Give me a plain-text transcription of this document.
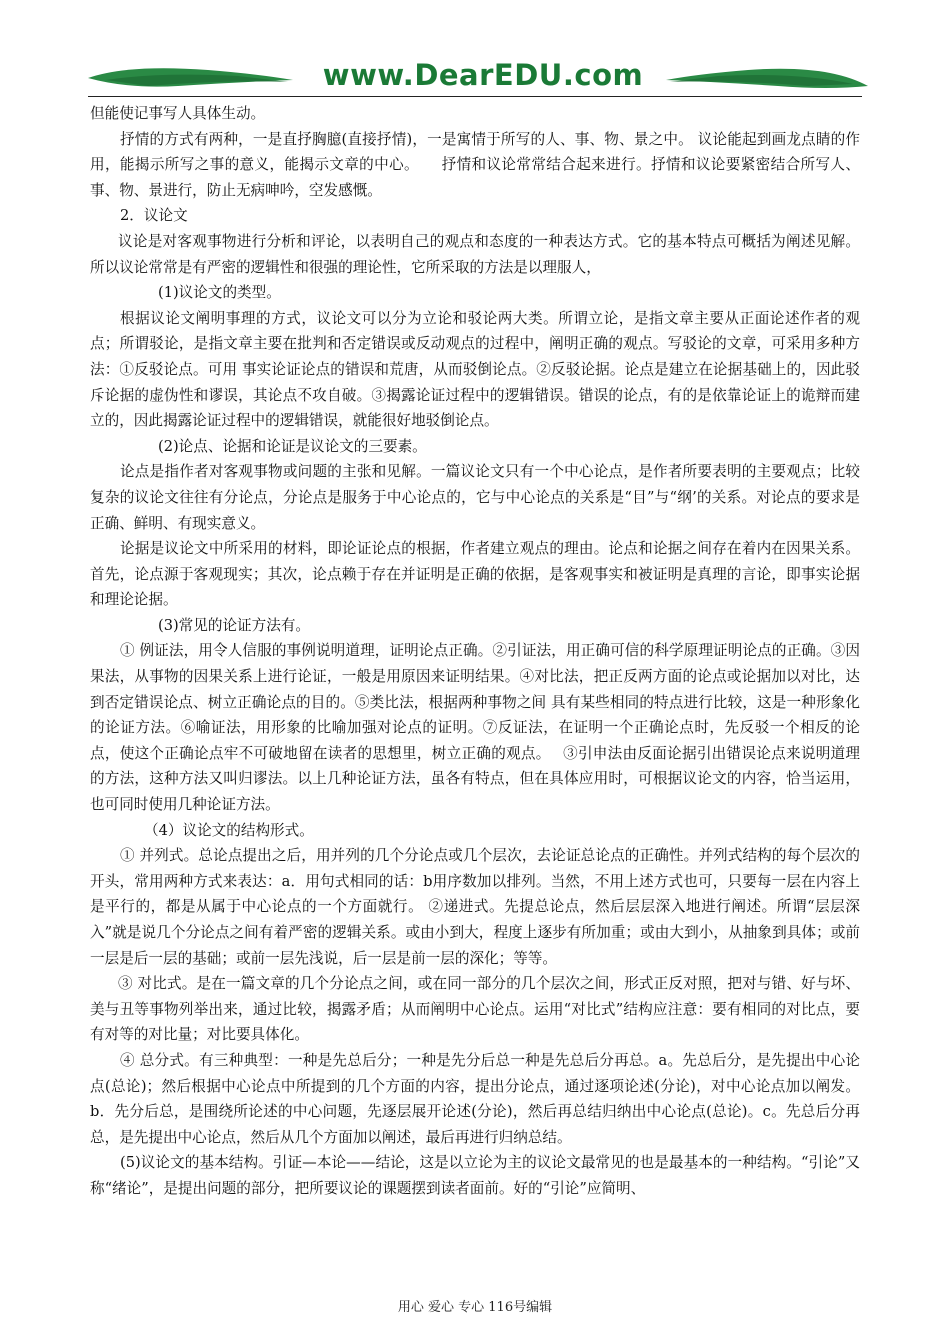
www.DearEDU.com

但能使记事写人具体生动。

抒情的方式有两种，一是直抒胸臆(直接抒情)，一是寓情于所写的人、事、物、景之中。 议论能起到画龙点睛的作用，能揭示所写之事的意义，能揭示文章的中心。　　抒情和议论常常结合起来进行。抒情和议论要紧密结合所写人、事、物、景进行，防止无病呻吟，空发感慨。

2．议论文

议论是对客观事物进行分析和评论，以表明自己的观点和态度的一种表达方式。它的基本特点可概括为阐述见解。所以议论常常是有严密的逻辑性和很强的理论性，它所采取的方法是以理服人，

(1)议论文的类型。

根据议论文阐明事理的方式，议论文可以分为立论和驳论两大类。所谓立论，是指文章主要从正面论述作者的观点；所谓驳论，是指文章主要在批判和否定错误或反动观点的过程中，阐明正确的观点。写驳论的文章，可采用多种方法：①反驳论点。可用 事实论证论点的错误和荒唐，从而驳倒论点。②反驳论据。论点是建立在论据基础上的，因此驳斥论据的虚伪性和谬误，其论点不攻自破。③揭露论证过程中的逻辑错误。错误的论点，有的是依靠论证上的诡辩而建立的，因此揭露论证过程中的逻辑错误，就能很好地驳倒论点。

(2)论点、论据和论证是议论文的三要素。

论点是指作者对客观事物或问题的主张和见解。一篇议论文只有一个中心论点，是作者所要表明的主要观点；比较复杂的议论文往往有分论点，分论点是服务于中心论点的，它与中心论点的关系是“目”与“纲’的关系。对论点的要求是正确、鲜明、有现实意义。

论据是议论文中所采用的材料，即论证论点的根据，作者建立观点的理由。论点和论据之间存在着内在因果关系。首先，论点源于客观现实；其次，论点赖于存在并证明是正确的依据，是客观事实和被证明是真理的言论，即事实论据和理论论据。

(3)常见的论证方法有。

① 例证法，用令人信服的事例说明道理，证明论点正确。②引证法，用正确可信的科学原理证明论点的正确。③因果法，从事物的因果关系上进行论证，一般是用原因来证明结果。④对比法，把正反两方面的论点或论据加以对比，达到否定错误论点、树立正确论点的目的。⑤类比法，根据两种事物之间 具有某些相同的特点进行比较，这是一种形象化的论证方法。⑥喻证法，用形象的比喻加强对论点的证明。⑦反证法，在证明一个正确论点时，先反驳一个相反的论点，使这个正确论点牢不可破地留在读者的思想里，树立正确的观点。　 ③引申法由反面论据引出错误论点来说明道理的方法，这种方法又叫归谬法。以上几种论证方法，虽各有特点，但在具体应用时，可根据议论文的内容，恰当运用，也可同时使用几种论证方法。

（4）议论文的结构形式。

① 并列式。总论点提出之后，用并列的几个分论点或几个层次，去论证总论点的正确性。并列式结构的每个层次的开头，常用两种方式来表达：a．用句式相同的话：b用序数加以排列。当然，不用上述方式也可，只要每一层在内容上是平行的，都是从属于中心论点的一个方面就行。 ②递进式。先提总论点，然后层层深入地进行阐述。所谓“层层深入”就是说几个分论点之间有着严密的逻辑关系。或由小到大，程度上逐步有所加重；或由大到小，从抽象到具体；或前一层是后一层的基础；或前一层先浅说，后一层是前一层的深化；等等。

③ 对比式。是在一篇文章的几个分论点之间，或在同一部分的几个层次之间，形式正反对照，把对与错、好与坏、美与丑等事物列举出来，通过比较，揭露矛盾；从而阐明中心论点。运用“对比式”结构应注意：要有相同的对比点，要有对等的对比量；对比要具体化。

④ 总分式。有三种典型：一种是先总后分；一种是先分后总一种是先总后分再总。a。先总后分，是先提出中心论点(总论)；然后根据中心论点中所提到的几个方面的内容，提出分论点，通过逐项论述(分论)，对中心论点加以阐发。b．先分后总，是围绕所论述的中心问题，先逐层展开论述(分论)，然后再总结归纳出中心论点(总论)。c。先总后分再总，是先提出中心论点，然后从几个方面加以阐述，最后再进行归纳总结。

(5)议论文的基本结构。引证—本论——结论，这是以立论为主的议论文最常见的也是最基本的一种结构。“引论”又称“绪论”，是提出问题的部分，把所要议论的课题摆到读者面前。好的“引论”应简明、

用心 爱心 专心 116号编辑
